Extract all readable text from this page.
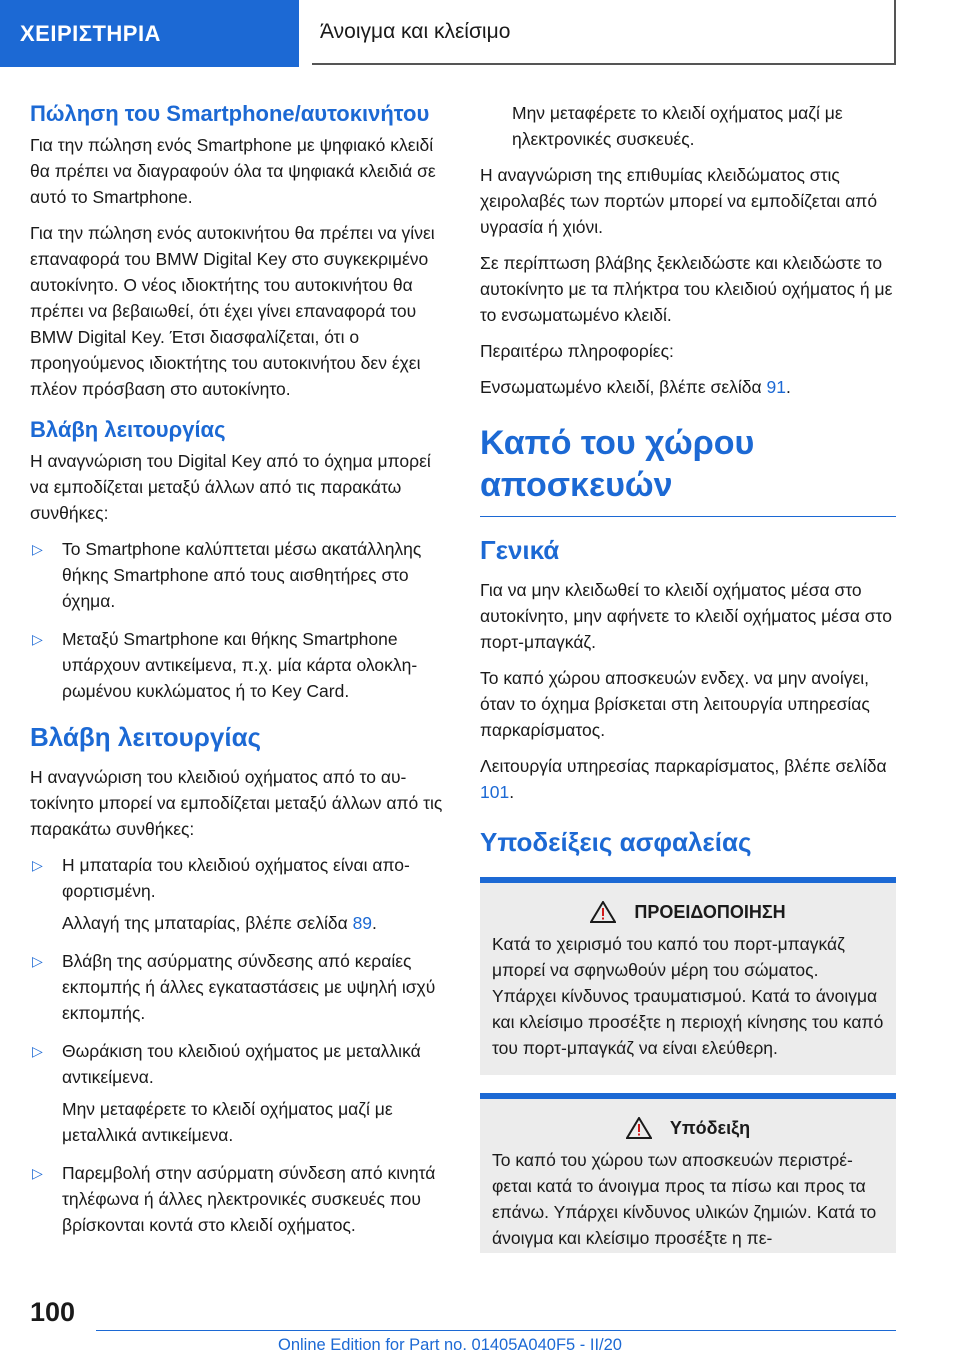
ΧΕΙΡΙΣΤΗΡΙΑ	Άνοιγμα και κλείσιμο
Πώληση του Smartphone/αυτοκινήτου

Για την πώληση ενός Smartphone με ψηφιακό κλειδί θα πρέπει να διαγραφούν όλα τα ψηφιακά κλειδιά σε αυτό το Smartphone.

Για την πώληση ενός αυτοκινήτου θα πρέπει να γίνει επαναφορά του BMW Digital Key στο συγκεκριμένο αυτοκίνητο. Ο νέος ιδιοκτήτης του αυτοκινήτου θα πρέπει να βεβαιωθεί, ότι έχει γίνει επαναφορά του BMW Digital Key. Έτσι διασφαλίζεται, ότι ο προηγούμενος ιδιοκτήτης του αυτοκινήτου δεν έχει πλέον πρόσβαση στο αυτοκίνητο.

Βλάβη λειτουργίας

Η αναγνώριση του Digital Key από το όχημα μπορεί να εμποδίζεται μεταξύ άλλων από τις παρακάτω συνθήκες:

▷ Το Smartphone καλύπτεται μέσω ακατάλληλης θήκης Smartphone από τους αισθητήρες στο όχημα.
▷ Μεταξύ Smartphone και θήκης Smartphone υπάρχουν αντικείμενα, π.χ. μία κάρτα ολοκληρωμένου κυκλώματος ή το Key Card.
Βλάβη λειτουργίας

Η αναγνώριση του κλειδιού οχήματος από το αυτοκίνητο μπορεί να εμποδίζεται μεταξύ άλλων από τις παρακάτω συνθήκες:

▷ Η μπαταρία του κλειδιού οχήματος είναι αποφορτισμένη.
Αλλαγή της μπαταρίας, βλέπε σελίδα 89.
▷ Βλάβη της ασύρματης σύνδεσης από κεραίες εκπομπής ή άλλες εγκαταστάσεις με υψηλή ισχύ εκπομπής.
▷ Θωράκιση του κλειδιού οχήματος με μεταλλικά αντικείμενα.
Μην μεταφέρετε το κλειδί οχήματος μαζί με μεταλλικά αντικείμενα.
▷ Παρεμβολή στην ασύρματη σύνδεση από κινητά τηλέφωνα ή άλλες ηλεκτρονικές συσκευές που βρίσκονται κοντά στο κλειδί οχήματος.

Μην μεταφέρετε το κλειδί οχήματος μαζί με ηλεκτρονικές συσκευές.

Η αναγνώριση της επιθυμίας κλειδώματος στις χειρολαβές των πορτών μπορεί να εμποδίζεται από υγρασία ή χιόνι.

Σε περίπτωση βλάβης ξεκλειδώστε και κλειδώστε το αυτοκίνητο με τα πλήκτρα του κλειδιού οχήματος ή με το ενσωματωμένο κλειδί.

Περαιτέρω πληροφορίες:

Ενσωματωμένο κλειδί, βλέπε σελίδα 91.

Καπό του χώρου αποσκευών
Γενικά

Για να μην κλειδωθεί το κλειδί οχήματος μέσα στο αυτοκίνητο, μην αφήνετε το κλειδί οχήματος μέσα στο πορτ-μπαγκάζ.

Το καπό χώρου αποσκευών ενδεχ. να μην ανοίγει, όταν το όχημα βρίσκεται στη λειτουργία υπηρεσίας παρκαρίσματος.

Λειτουργία υπηρεσίας παρκαρίσματος, βλέπε σελίδα 101.

Υποδείξεις ασφαλείας
ΠΡΟΕΙΔΟΠΟΙΗΣΗ

Κατά το χειρισμό του καπό του πορτ-μπαγκάζ μπορεί να σφηνωθούν μέρη του σώματος. Υπάρχει κίνδυνος τραυματισμού. Κατά το άνοιγμα και κλείσιμο προσέξτε η περιοχή κίνησης του καπό του πορτ-μπαγκάζ να είναι ελεύθερη.

Υπόδειξη

Το καπό του χώρου των αποσκευών περιστρέφεται κατά το άνοιγμα προς τα πίσω και προς τα επάνω. Υπάρχει κίνδυνος υλικών ζημιών. Κατά το άνοιγμα και κλείσιμο προσέξτε η πε-

100
Online Edition for Part no. 01405A040F5 - II/20
